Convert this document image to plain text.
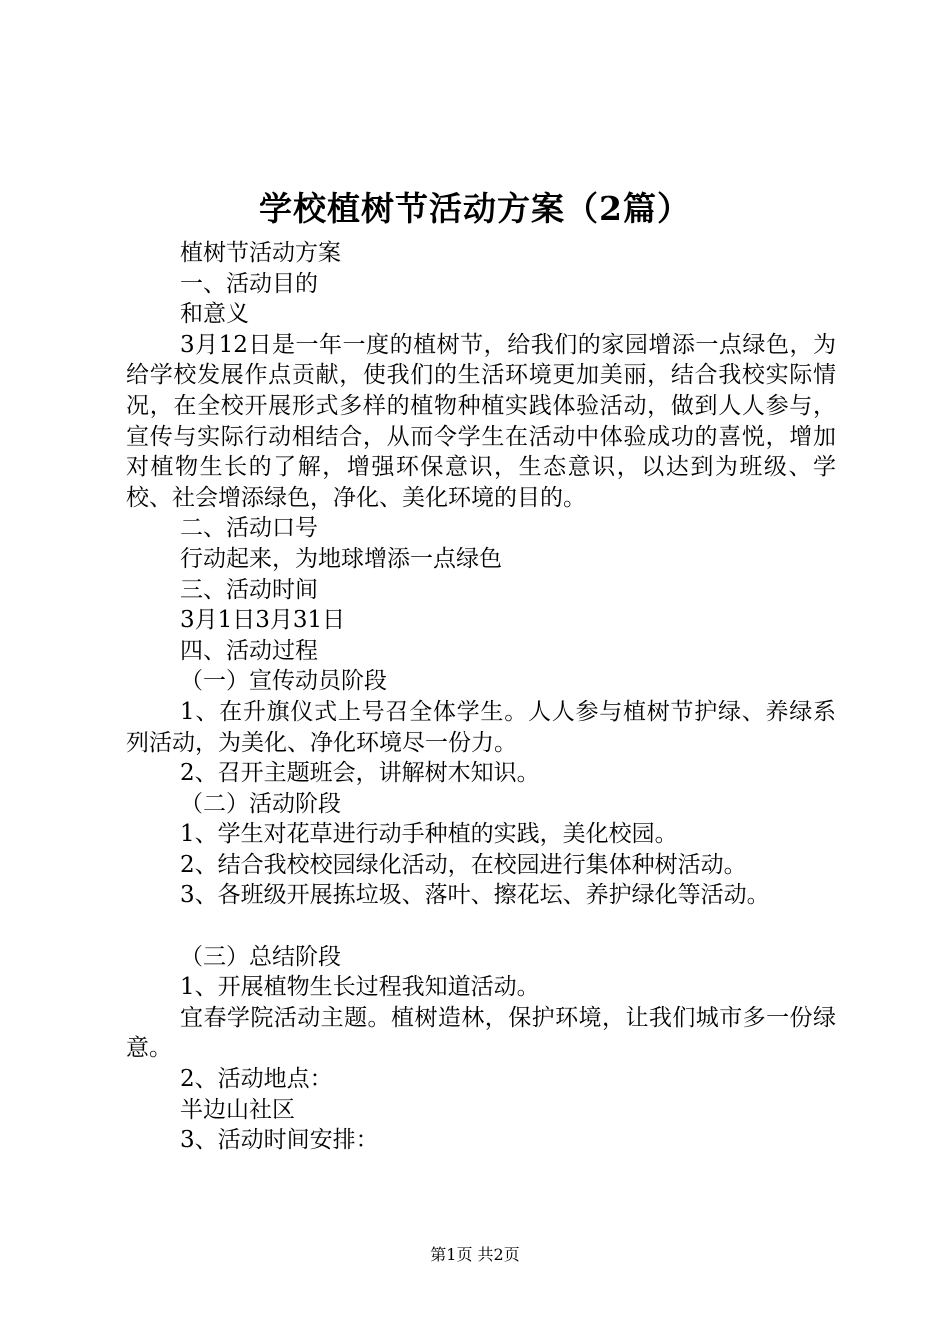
学校植树节活动方案（2篇）

植树节活动方案

一、活动目的

和意义

3月12日是一年一度的植树节，给我们的家园增添一点绿色，为给学校发展作点贡献，使我们的生活环境更加美丽，结合我校实际情况，在全校开展形式多样的植物种植实践体验活动，做到人人参与，宣传与实际行动相结合，从而令学生在活动中体验成功的喜悦，增加对植物生长的了解，增强环保意识，生态意识，以达到为班级、学校、社会增添绿色，净化、美化环境的目的。

二、活动口号

行动起来，为地球增添一点绿色

三、活动时间

3月1日3月31日

四、活动过程

（一）宣传动员阶段

1、在升旗仪式上号召全体学生。人人参与植树节护绿、养绿系列活动，为美化、净化环境尽一份力。

2、召开主题班会，讲解树木知识。

（二）活动阶段

1、学生对花草进行动手种植的实践，美化校园。

2、结合我校校园绿化活动，在校园进行集体种树活动。

3、各班级开展拣垃圾、落叶、擦花坛、养护绿化等活动。

（三）总结阶段

1、开展植物生长过程我知道活动。

宜春学院活动主题。植树造林，保护环境，让我们城市多一份绿意。

2、活动地点：

半边山社区

3、活动时间安排：

第1页 共2页
